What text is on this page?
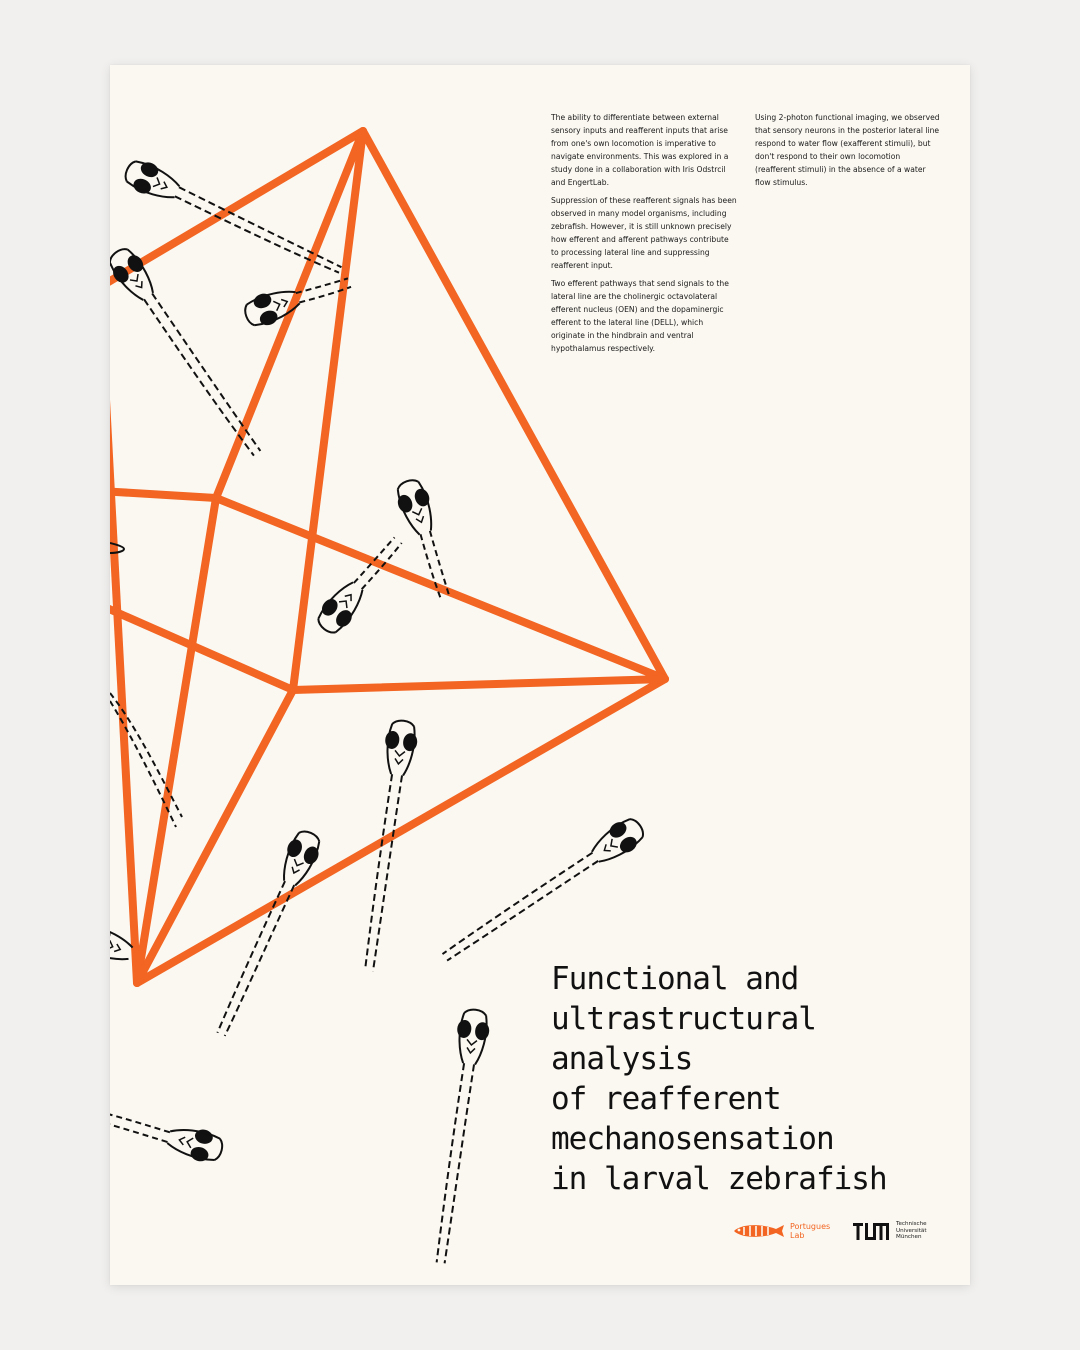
The ability to differentiate between external sensory inputs and reafferent inputs that arise from one's own locomotion is imperative to navigate environments. This was explored in a study done in a collaboration with Iris Odstrcil and EngertLab.

Suppression of these reafferent signals has been observed in many model organisms, including zebrafish. However, it is still unknown precisely how efferent and afferent pathways contribute to processing lateral line and suppressing reafferent input.

Two efferent pathways that send signals to the lateral line are the cholinergic octavolateral efferent nucleus (OEN) and the dopaminergic efferent to the lateral line (DELL), which originate in the hindbrain and ventral hypothalamus respectively.

Using 2-photon functional imaging, we observed that sensory neurons in the posterior lateral line respond to water flow (exafferent stimuli), but don't respond to their own locomotion (reafferent stimuli) in the absence of a water flow stimulus.

Functional and
ultrastructural
analysis
of reafferent
mechanosensation
in larval zebrafish
Portugues Lab
Technische Universität München
